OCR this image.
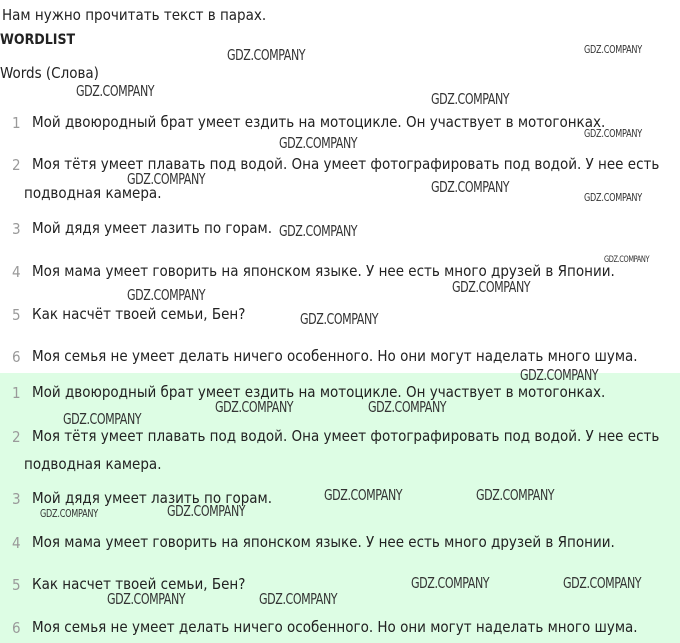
Нам нужно прочитать текст в парах.
WORDLIST
Words (Слова)
1 Мой двоюродный брат умеет ездить на мотоцикле. Он участвует в мотогонках.
2 Моя тётя умеет плавать под водой. Она умеет фотографировать под водой. У нее есть
подводная камера.
3 Мой дядя умеет лазить по горам.
4 Моя мама умеет говорить на японском языке. У нее есть много друзей в Японии.
5 Как насчёт твоей семьи, Бен?
6 Моя семья не умеет делать ничего особенного. Но они могут наделать много шума.
1 Мой двоюродный брат умеет ездить на мотоцикле. Он участвует в мотогонках.
2 Моя тётя умеет плавать под водой. Она умеет фотографировать под водой. У нее есть
подводная камера.
3 Мой дядя умеет лазить по горам.
4 Моя мама умеет говорить на японском языке. У нее есть много друзей в Японии.
5 Как насчет твоей семьи, Бен?
6 Моя семья не умеет делать ничего особенного. Но они могут наделать много шума.
GDZ.COMPANY	GDZ.COMPANY
GDZ.COMPANY	GDZ.COMPANY
GDZ.COMPANY
GDZ.COMPANY
GDZ.COMPANY	GDZ.COMPANY
GDZ.COMPANY
GDZ.COMPANY
GDZ.COMPANY
GDZ.COMPANY
GDZ.COMPANY
GDZ.COMPANY
GDZ.COMPANY
GDZ.COMPANY	GDZ.COMPANY
GDZ.COMPANY
GDZ.COMPANY	GDZ.COMPANY
GDZ.COMPANY
GDZ.COMPANY
GDZ.COMPANY	GDZ.COMPANY
GDZ.COMPANY	GDZ.COMPANY
